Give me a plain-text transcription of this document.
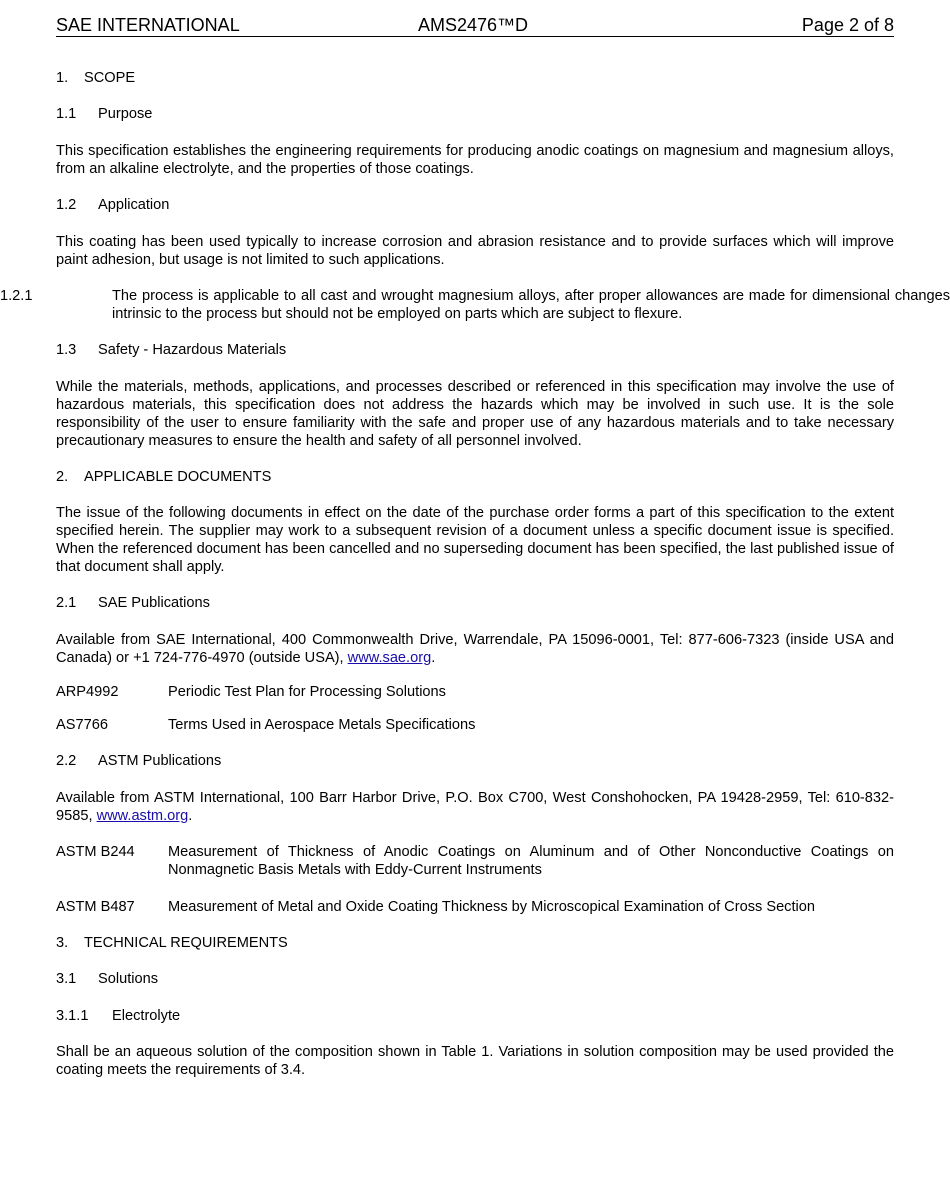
SAE INTERNATIONAL	AMS2476™D	Page 2 of 8
1. SCOPE
1.1 Purpose
This specification establishes the engineering requirements for producing anodic coatings on magnesium and magnesium alloys, from an alkaline electrolyte, and the properties of those coatings.
1.2 Application
This coating has been used typically to increase corrosion and abrasion resistance and to provide surfaces which will improve paint adhesion, but usage is not limited to such applications.
1.2.1	The process is applicable to all cast and wrought magnesium alloys, after proper allowances are made for dimensional changes intrinsic to the process but should not be employed on parts which are subject to flexure.
1.3 Safety - Hazardous Materials
While the materials, methods, applications, and processes described or referenced in this specification may involve the use of hazardous materials, this specification does not address the hazards which may be involved in such use. It is the sole responsibility of the user to ensure familiarity with the safe and proper use of any hazardous materials and to take necessary precautionary measures to ensure the health and safety of all personnel involved.
2. APPLICABLE DOCUMENTS
The issue of the following documents in effect on the date of the purchase order forms a part of this specification to the extent specified herein. The supplier may work to a subsequent revision of a document unless a specific document issue is specified. When the referenced document has been cancelled and no superseding document has been specified, the last published issue of that document shall apply.
2.1 SAE Publications
Available from SAE International, 400 Commonwealth Drive, Warrendale, PA 15096-0001, Tel: 877-606-7323 (inside USA and Canada) or +1 724-776-4970 (outside USA), www.sae.org.
ARP4992	Periodic Test Plan for Processing Solutions
AS7766	Terms Used in Aerospace Metals Specifications
2.2 ASTM Publications
Available from ASTM International, 100 Barr Harbor Drive, P.O. Box C700, West Conshohocken, PA 19428-2959, Tel: 610-832-9585, www.astm.org.
ASTM B244 Measurement of Thickness of Anodic Coatings on Aluminum and of Other Nonconductive Coatings on Nonmagnetic Basis Metals with Eddy-Current Instruments
ASTM B487 Measurement of Metal and Oxide Coating Thickness by Microscopical Examination of Cross Section
3. TECHNICAL REQUIREMENTS
3.1 Solutions
3.1.1 Electrolyte
Shall be an aqueous solution of the composition shown in Table 1. Variations in solution composition may be used provided the coating meets the requirements of 3.4.
